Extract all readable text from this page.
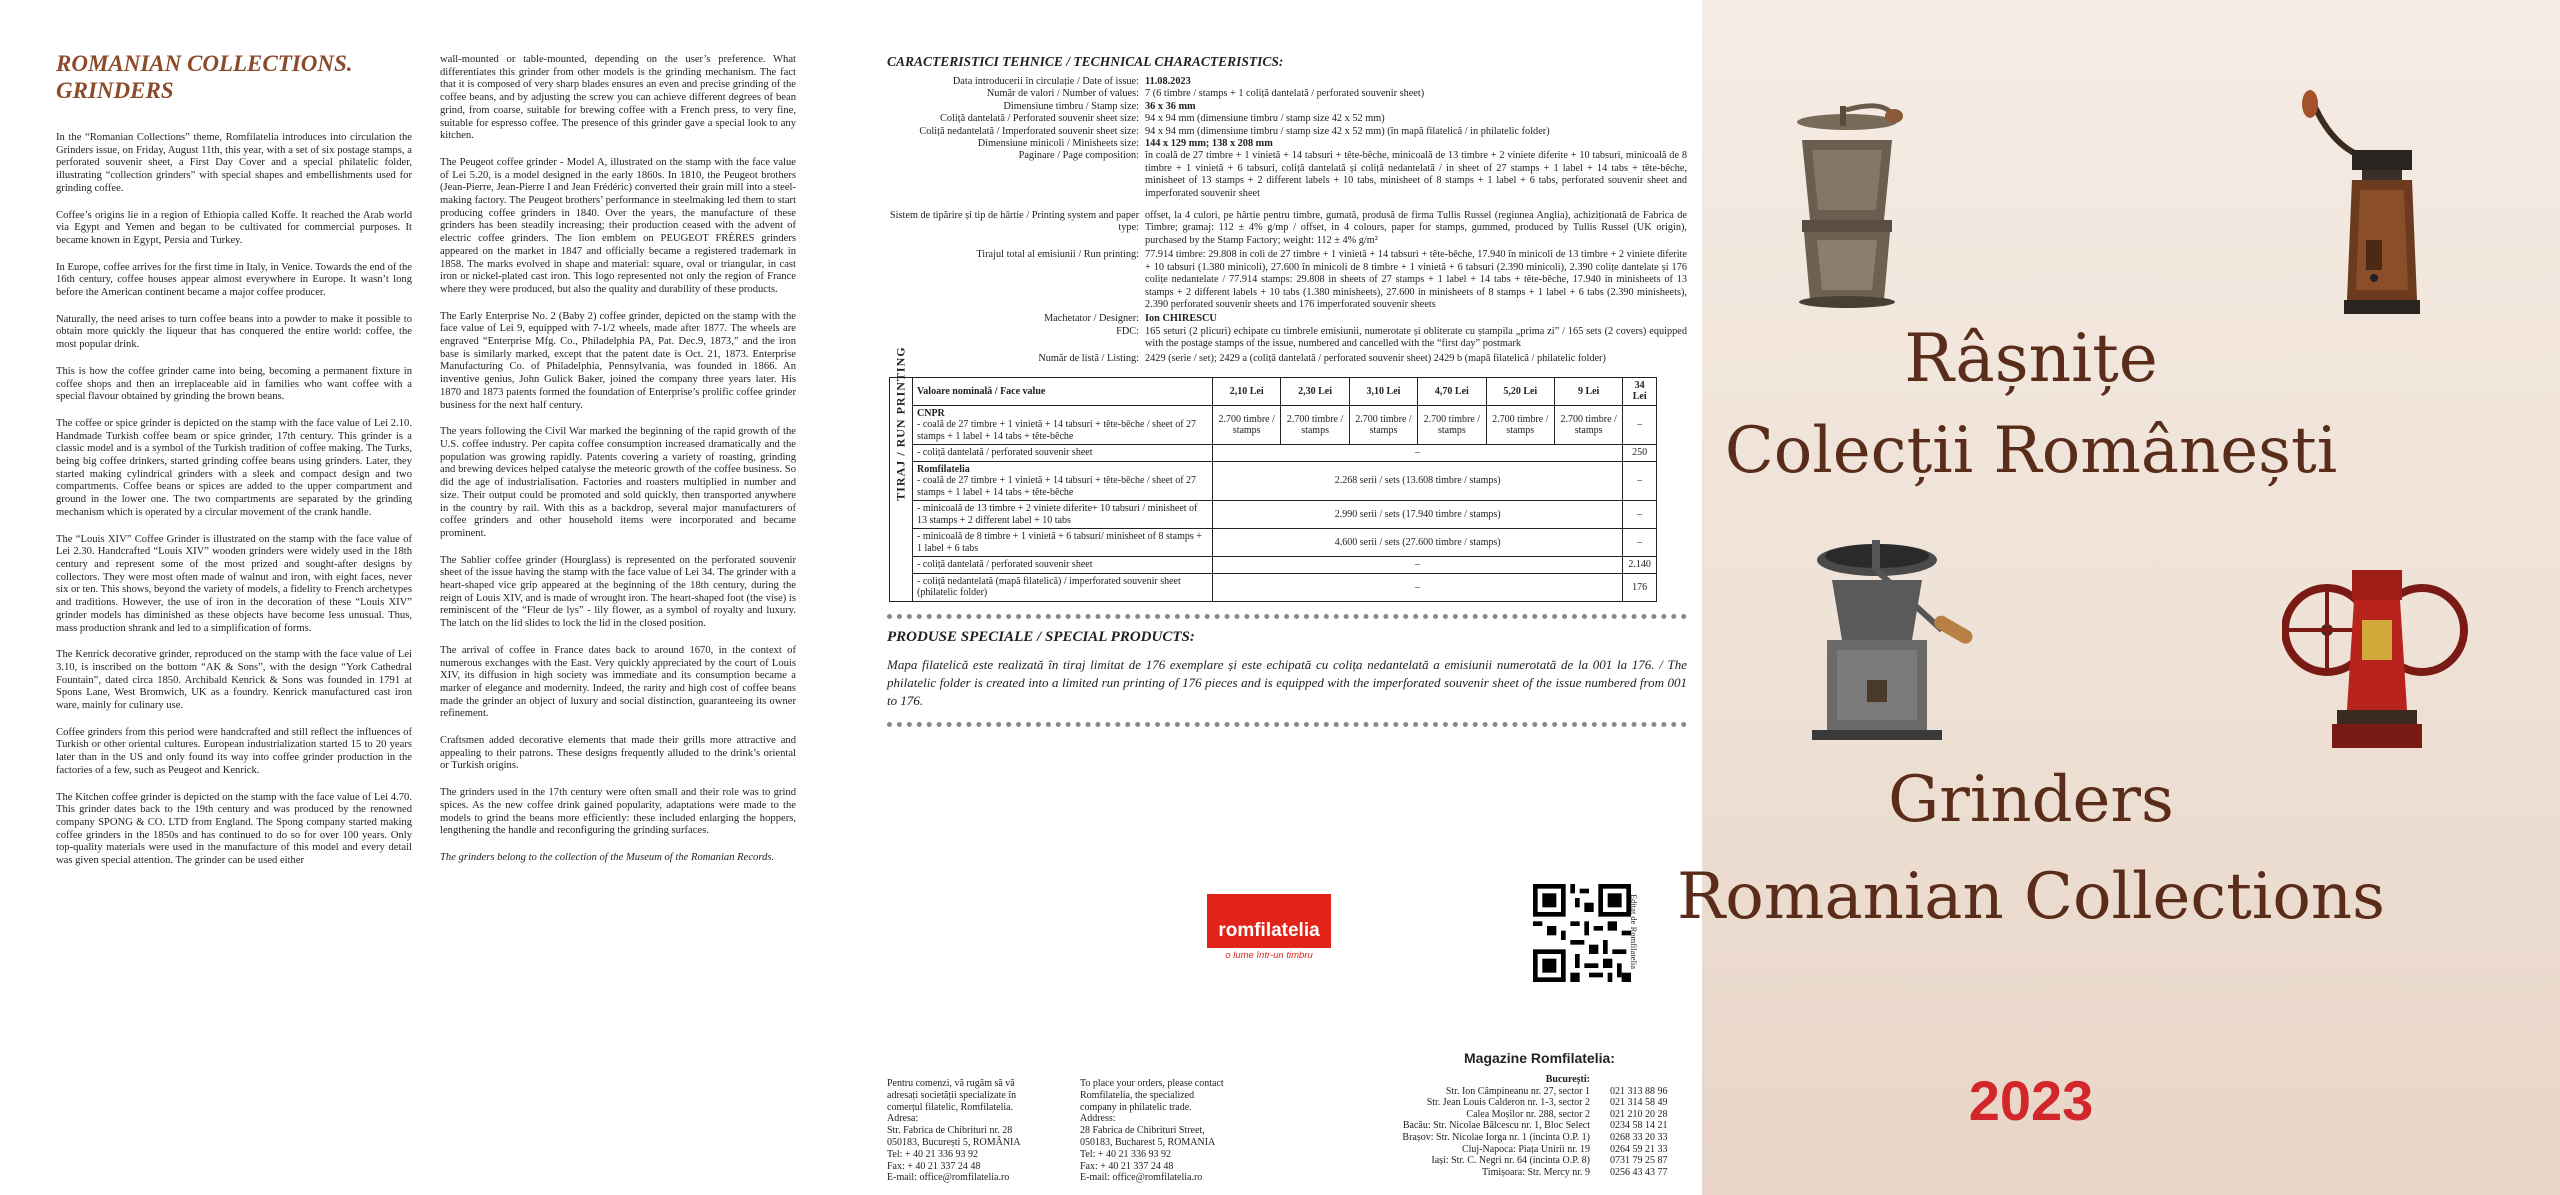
ROMANIAN COLLECTIONS. GRINDERS
In the “Romanian Collections” theme, Romfilatelia introduces into circulation the Grinders issue, on Friday, August 11th, this year, with a set of six postage stamps, a perforated souvenir sheet, a First Day Cover and a special philatelic folder, illustrating “collection grinders” with special shapes and embellishments used for grinding coffee.
Coffee’s origins lie in a region of Ethiopia called Koffe. It reached the Arab world via Egypt and Yemen and began to be cultivated for commercial purposes. It became known in Egypt, Persia and Turkey.
In Europe, coffee arrives for the first time in Italy, in Venice. Towards the end of the 16th century, coffee houses appear almost everywhere in Europe. It wasn’t long before the American continent became a major coffee producer.
Naturally, the need arises to turn coffee beans into a powder to make it possible to obtain more quickly the liqueur that has conquered the entire world: coffee, the most popular drink.
This is how the coffee grinder came into being, becoming a permanent fixture in coffee shops and then an irreplaceable aid in families who want coffee with a special flavour obtained by grinding the brown beans.
The coffee or spice grinder is depicted on the stamp with the face value of Lei 2.10. Handmade Turkish coffee beam or spice grinder, 17th century. This grinder is a classic model and is a symbol of the Turkish tradition of coffee making. The Turks, being big coffee drinkers, started grinding coffee beans using grinders. Later, they started making cylindrical grinders with a sleek and compact design and two compartments. Coffee beans or spices are added to the upper compartment and ground in the lower one. The two compartments are separated by the grinding mechanism which is operated by a circular movement of the crank handle.
The “Louis XIV” Coffee Grinder is illustrated on the stamp with the face value of Lei 2.30. Handcrafted “Louis XIV” wooden grinders were widely used in the 18th century and represent some of the most prized and sought-after designs by collectors. They were most often made of walnut and iron, with eight faces, never six or ten. This shows, beyond the variety of models, a fidelity to French archetypes and traditions. However, the use of iron in the decoration of these “Louis XIV” grinder models has diminished as these objects have become less unusual. Thus, mass production shrank and led to a simplification of forms.
The Kenrick decorative grinder, reproduced on the stamp with the face value of Lei 3.10, is inscribed on the bottom “AK & Sons”, with the design “York Cathedral Fountain”, dated circa 1850. Archibald Kenrick & Sons was founded in 1791 at Spons Lane, West Bromwich, UK as a foundry. Kenrick manufactured cast iron ware, mainly for culinary use.
Coffee grinders from this period were handcrafted and still reflect the influences of Turkish or other oriental cultures. European industrialization started 15 to 20 years later than in the US and only found its way into coffee grinder production in the factories of a few, such as Peugeot and Kenrick.
The Kitchen coffee grinder is depicted on the stamp with the face value of Lei 4.70. This grinder dates back to the 19th century and was produced by the renowned company SPONG & CO. LTD from England. The Spong company started making coffee grinders in the 1850s and has continued to do so for over 100 years. Only top-quality materials were used in the manufacture of this model and every detail was given special attention. The grinder can be used either
wall-mounted or table-mounted, depending on the user’s preference. What differentiates this grinder from other models is the grinding mechanism. The fact that it is composed of very sharp blades ensures an even and precise grinding of the coffee beans, and by adjusting the screw you can achieve different degrees of bean grind, from coarse, suitable for brewing coffee with a French press, to very fine, suitable for espresso coffee. The presence of this grinder gave a special look to any kitchen.
The Peugeot coffee grinder - Model A, illustrated on the stamp with the face value of Lei 5.20, is a model designed in the early 1860s. In 1810, the Peugeot brothers (Jean-Pierre, Jean-Pierre I and Jean Frédéric) converted their grain mill into a steel-making factory. The Peugeot brothers’ performance in steelmaking led them to start producing coffee grinders in 1840. Over the years, the manufacture of these grinders has been steadily increasing; their production ceased with the advent of electric coffee grinders. The lion emblem on PEUGEOT FRÈRES grinders appeared on the market in 1847 and officially became a registered trademark in 1858. The marks evolved in shape and material: square, oval or triangular, in cast iron or nickel-plated cast iron. This logo represented not only the region of France where they were produced, but also the quality and durability of these products.
The Early Enterprise No. 2 (Baby 2) coffee grinder, depicted on the stamp with the face value of Lei 9, equipped with 7-1/2 wheels, made after 1877. The wheels are engraved “Enterprise Mfg. Co., Philadelphia PA, Pat. Dec.9, 1873,” and the iron base is similarly marked, except that the patent date is Oct. 21, 1873. Enterprise Manufacturing Co. of Philadelphia, Pennsylvania, was founded in 1866. An inventive genius, John Gulick Baker, joined the company three years later. His 1870 and 1873 patents formed the foundation of Enterprise’s prolific coffee grinder business for the next half century.
The years following the Civil War marked the beginning of the rapid growth of the U.S. coffee industry. Per capita coffee consumption increased dramatically and the population was growing rapidly. Patents covering a variety of roasting, grinding and brewing devices helped catalyse the meteoric growth of the coffee business. So did the age of industrialisation. Factories and roasters multiplied in number and size. Their output could be promoted and sold quickly, then transported anywhere in the country by rail. With this as a backdrop, several major manufacturers of coffee grinders and other household items were incorporated and became prominent.
The Sablier coffee grinder (Hourglass) is represented on the perforated souvenir sheet of the issue having the stamp with the face value of Lei 34. The grinder with a heart-shaped vice grip appeared at the beginning of the 18th century, during the reign of Louis XIV, and is made of wrought iron. The heart-shaped foot (the vise) is reminiscent of the “Fleur de lys” - lily flower, as a symbol of royalty and luxury. The latch on the lid slides to lock the lid in the closed position.
The arrival of coffee in France dates back to around 1670, in the context of numerous exchanges with the East. Very quickly appreciated by the court of Louis XIV, its diffusion in high society was immediate and its consumption became a marker of elegance and modernity. Indeed, the rarity and high cost of coffee beans made the grinder an object of luxury and social distinction, guaranteeing its owner refinement.
Craftsmen added decorative elements that made their grills more attractive and appealing to their patrons. These designs frequently alluded to the drink’s oriental or Turkish origins.
The grinders used in the 17th century were often small and their role was to grind spices. As the new coffee drink gained popularity, adaptations were made to the models to grind the beans more efficiently: these included enlarging the hoppers, lengthening the handle and reconfiguring the grinding surfaces.
The grinders belong to the collection of the Museum of the Romanian Records.
CARACTERISTICI TEHNICE / TECHNICAL CHARACTERISTICS:
Data introducerii în circulație / Date of issue: 11.08.2023
Număr de valori / Number of values: 7 (6 timbre / stamps + 1 coliță dantelată / perforated souvenir sheet)
Dimensiune timbru / Stamp size: 36 x 36 mm
Coliță dantelată / Perforated souvenir sheet size: 94 x 94 mm (dimensiune timbru / stamp size 42 x 52 mm)
Coliță nedantelată / Imperforated souvenir sheet size: 94 x 94 mm (dimensiune timbru / stamp size 42 x 52 mm) (în mapă filatelică / in philatelic folder)
Dimensiune minicoli / Minisheets size: 144 x 129 mm; 138 x 208 mm
Paginare / Page composition: în coală de 27 timbre + 1 vinietă + 14 tabsuri + tête-bêche, minicoală de 13 timbre + 2 viniete diferite + 10 tabsuri, minicoală de 8 timbre + 1 vinietă + 6 tabsuri, coliță dantelată și coliță nedantelată / in sheet of 27 stamps + 1 label + 14 tabs + tête-bêche, minisheet of 13 stamps + 2 different labels + 10 tabs, minisheet of 8 stamps + 1 label + 6 tabs, perforated souvenir sheet and imperforated souvenir sheet
Sistem de tipărire și tip de hârtie / Printing system and paper type:
offset, la 4 culori, pe hârtie pentru timbre, gumată, produsă de firma Tullis Russel (regiunea Anglia), achiziționată de Fabrica de Timbre; gramaj: 112 ± 4% g/mp / offset, in 4 colours, paper for stamps, gummed, produced by Tullis Russel (UK origin), purchased by the Stamp Factory; weight: 112 ± 4% g/m²
Tirajul total al emisiunii / Run printing: 77.914 timbre: 29.808 in coli de 27 timbre + 1 vinietă + 14 tabsuri + tête-bêche, 17.940 în minicoli de 13 timbre + 2 viniete diferite + 10 tabsuri (1.380 minicoli), 27.600 în minicoli de 8 timbre + 1 vinietă + 6 tabsuri (2.390 minicoli), 2.390 colițe dantelate și 176 colițe nedantelate / 77.914 stamps: 29.808 in sheets of 27 stamps + 1 label + 14 tabs + tête-bêche, 17.940 in minisheets of 13 stamps + 2 different labels + 10 tabs (1.380 minisheets), 27.600 in minisheets of 8 stamps + 1 label + 6 tabs (2.390 minisheets), 2.390 perforated souvenir sheets and 176 imperforated souvenir sheets
Machetator / Designer: Ion CHIRESCU
FDC: 165 seturi (2 plicuri) echipate cu timbrele emisiunii, numerotate și obliterate cu ștampila „prima zi” / 165 sets (2 covers) equipped with the postage stamps of the issue, numbered and cancelled with the “first day” postmark
Număr de listă / Listing: 2429 (serie / set); 2429 a (coliță dantelată / perforated souvenir sheet) 2429 b (mapă filatelică / philatelic folder)
TIRAJ / RUN PRINTING	Valoare nominală / Face value	2,10 Lei	2,30 Lei	3,10 Lei	4,70 Lei	5,20 Lei	9 Lei	34 Lei
	CNPR
- coală de 27 timbre + 1 vinietă + 14 tabsuri + tête-bêche / sheet of 27 stamps + 1 label + 14 tabs + tête-bêche	2.700 timbre / stamps	2.700 timbre / stamps	2.700 timbre / stamps	2.700 timbre / stamps	2.700 timbre / stamps	2.700 timbre / stamps	–
	- coliță dantelată / perforated souvenir sheet	–						250
	Romfilatelia
- coală de 27 timbre + 1 vinietă + 14 tabsuri + tête-bêche / sheet of 27 stamps + 1 label + 14 tabs + tête-bêche	2.268 serii / sets (13.608 timbre / stamps)						–
	- minicoală de 13 timbre + 2 viniete diferite+ 10 tabsuri / minisheet of 13 stamps + 2 different label + 10 tabs	2.990 serii / sets (17.940 timbre / stamps)						–
	- minicoală de 8 timbre + 1 vinietă + 6 tabsuri/ minisheet of 8 stamps + 1 label + 6 tabs	4.600 serii / sets (27.600 timbre / stamps)						–
	- coliță dantelată / perforated souvenir sheet	–						2.140
	- coliță nedantelată (mapă filatelică) / imperforated souvenir sheet (philatelic folder)	–						176
PRODUSE SPECIALE / SPECIAL PRODUCTS:
Mapa filatelică este realizată în tiraj limitat de 176 exemplare și este echipată cu colița nedantelată a emisiunii numerotată de la 001 la 176. / The philatelic folder is created into a limited run printing of 176 pieces and is equipped with the imperforated souvenir sheet of the issue numbered from 001 to 176.
romfilatelia
o lume într-un timbru	Editat de Romfilatelia
Pentru comenzi, vă rugăm să vă
adresați societății specializate în
comerțul filatelic, Romfilatelia.
Adresa:
Str. Fabrica de Chibrituri nr. 28
050183, București 5, ROMÂNIA
Tel: + 40 21 336 93 92
Fax: + 40 21 337 24 48
E-mail: office@romfilatelia.ro
To place your orders, please contact
Romfilatelia, the specialized
company in philatelic trade.
Address:
28 Fabrica de Chibrituri Street,
050183, Bucharest 5, ROMANIA
Tel: + 40 21 336 93 92
Fax: + 40 21 337 24 48
E-mail: office@romfilatelia.ro
Magazine Romfilatelia:
București:
Str. Ion Câmpineanu nr. 27, sector 1	021 313 88 96
Str. Jean Louis Calderon nr. 1-3, sector 2	021 314 58 49
Calea Moșilor nr. 288, sector 2	021 210 20 28
Bacău: Str. Nicolae Bălcescu nr. 1, Bloc Select	0234 58 14 21
Brașov: Str. Nicolae Iorga nr. 1 (incinta O.P. 1)	0268 33 20 33
Cluj-Napoca: Piața Unirii nr. 19	0264 59 21 33
Iași: Str. C. Negri nr. 64 (incinta O.P. 8)	0731 79 25 87
Timișoara: Str. Mercy nr. 9	0256 43 43 77
Râșnițe
Colecții Românești
Grinders
Romanian Collections
2023
